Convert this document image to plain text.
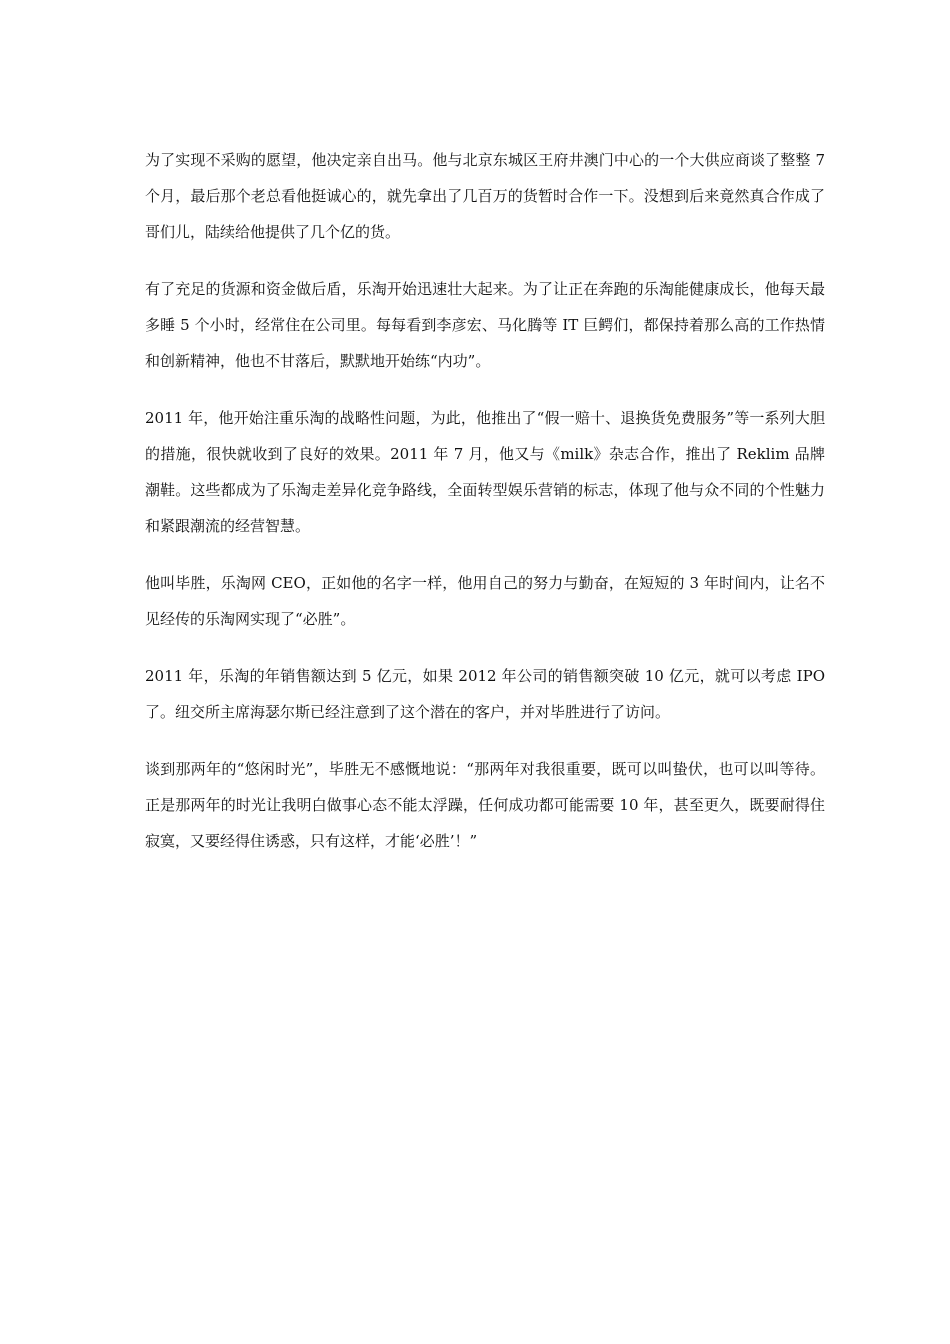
为了实现不采购的愿望，他决定亲自出马。他与北京东城区王府井澳门中心的一个大供应商谈了整整 7 个月，最后那个老总看他挺诚心的，就先拿出了几百万的货暂时合作一下。没想到后来竟然真合作成了哥们儿，陆续给他提供了几个亿的货。

有了充足的货源和资金做后盾，乐淘开始迅速壮大起来。为了让正在奔跑的乐淘能健康成长，他每天最多睡 5 个小时，经常住在公司里。每每看到李彦宏、马化腾等 IT 巨鳄们，都保持着那么高的工作热情和创新精神，他也不甘落后，默默地开始练“内功”。

2011 年，他开始注重乐淘的战略性问题，为此，他推出了“假一赔十、退换货免费服务”等一系列大胆的措施，很快就收到了良好的效果。2011 年 7 月，他又与《milk》杂志合作，推出了 Reklim 品牌潮鞋。这些都成为了乐淘走差异化竞争路线，全面转型娱乐营销的标志，体现了他与众不同的个性魅力和紧跟潮流的经营智慧。

他叫毕胜，乐淘网 CEO，正如他的名字一样，他用自己的努力与勤奋，在短短的 3 年时间内，让名不见经传的乐淘网实现了“必胜”。

2011 年，乐淘的年销售额达到 5 亿元，如果 2012 年公司的销售额突破 10 亿元，就可以考虑 IPO 了。纽交所主席海瑟尔斯已经注意到了这个潜在的客户，并对毕胜进行了访问。

谈到那两年的“悠闲时光”，毕胜无不感慨地说：“那两年对我很重要，既可以叫蛰伏，也可以叫等待。正是那两年的时光让我明白做事心态不能太浮躁，任何成功都可能需要 10 年，甚至更久，既要耐得住寂寞，又要经得住诱惑，只有这样，才能‘必胜’！”
